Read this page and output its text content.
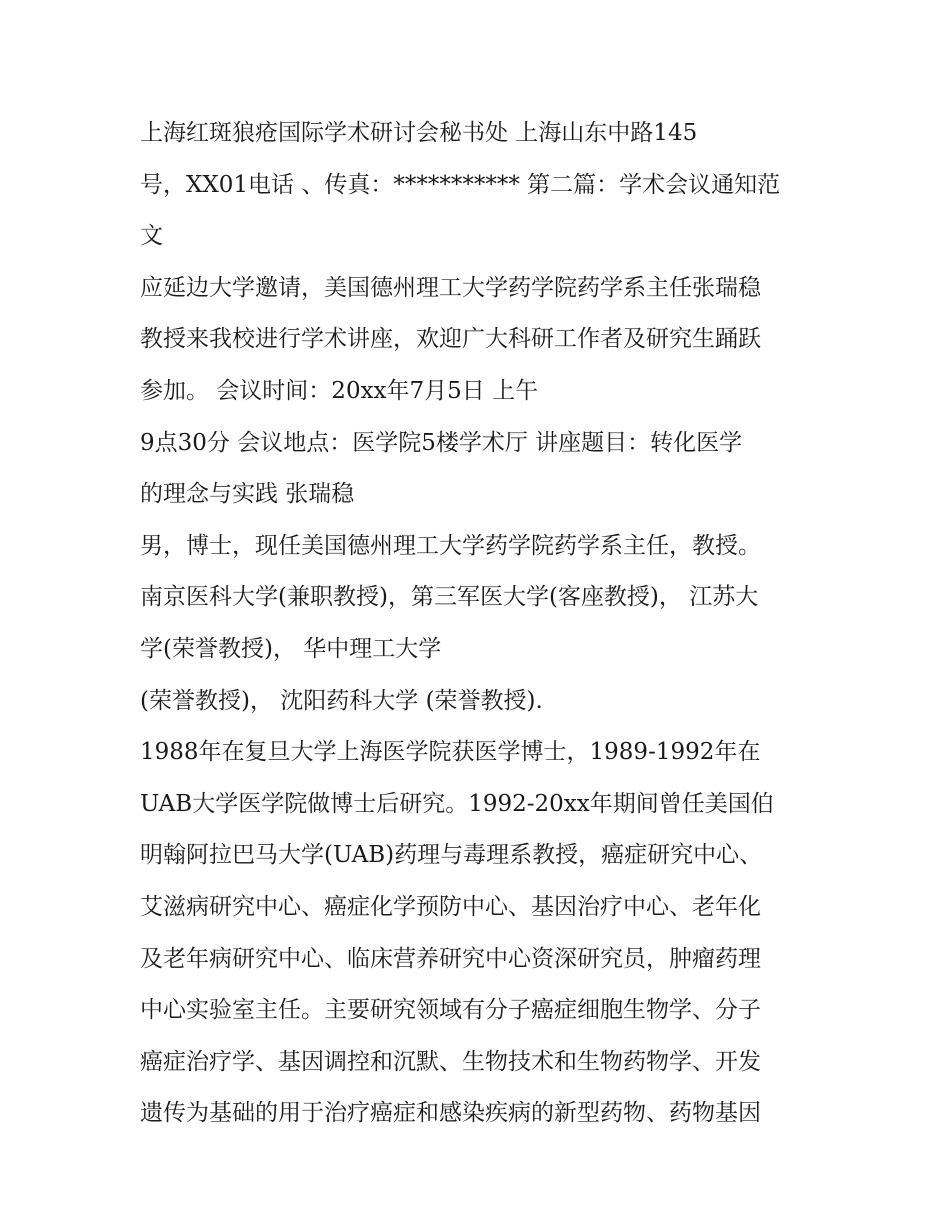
上海红斑狼疮国际学术研讨会秘书处 上海山东中路145
号，XX01电话 、传真：*********** 第二篇：学术会议通知范
文
应延边大学邀请，美国德州理工大学药学院药学系主任张瑞稳
教授来我校进行学术讲座，欢迎广大科研工作者及研究生踊跃
参加。 会议时间：20xx年7月5日 上午
9点30分 会议地点：医学院5楼学术厅 讲座题目：转化医学
的理念与实践 张瑞稳
男，博士，现任美国德州理工大学药学院药学系主任，教授。
南京医科大学(兼职教授)，第三军医大学(客座教授)， 江苏大
学(荣誉教授)， 华中理工大学
(荣誉教授)， 沈阳药科大学 (荣誉教授).
1988年在复旦大学上海医学院获医学博士，1989-1992年在
UAB大学医学院做博士后研究。1992-20xx年期间曾任美国伯
明翰阿拉巴马大学(UAB)药理与毒理系教授，癌症研究中心、
艾滋病研究中心、癌症化学预防中心、基因治疗中心、老年化
及老年病研究中心、临床营养研究中心资深研究员，肿瘤药理
中心实验室主任。主要研究领域有分子癌症细胞生物学、分子
癌症治疗学、基因调控和沉默、生物技术和生物药物学、开发
遗传为基础的用于治疗癌症和感染疾病的新型药物、药物基因
